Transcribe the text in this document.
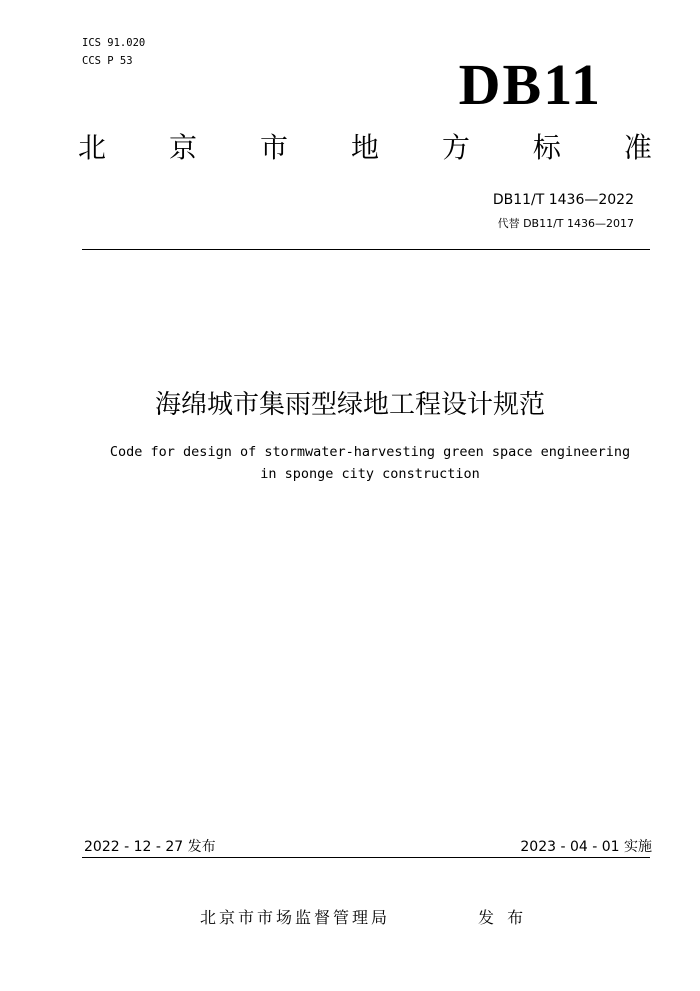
ICS 91.020
CCS P 53	DB11
北 京 市 地 方 标 准
DB11/T 1436—2022
代替 DB11/T 1436—2017
海绵城市集雨型绿地工程设计规范
Code for design of stormwater-harvesting green space engineering
in sponge city construction
2022 - 12 - 27 发布	2023 - 04 - 01 实施
北京市市场监督管理局	发 布
